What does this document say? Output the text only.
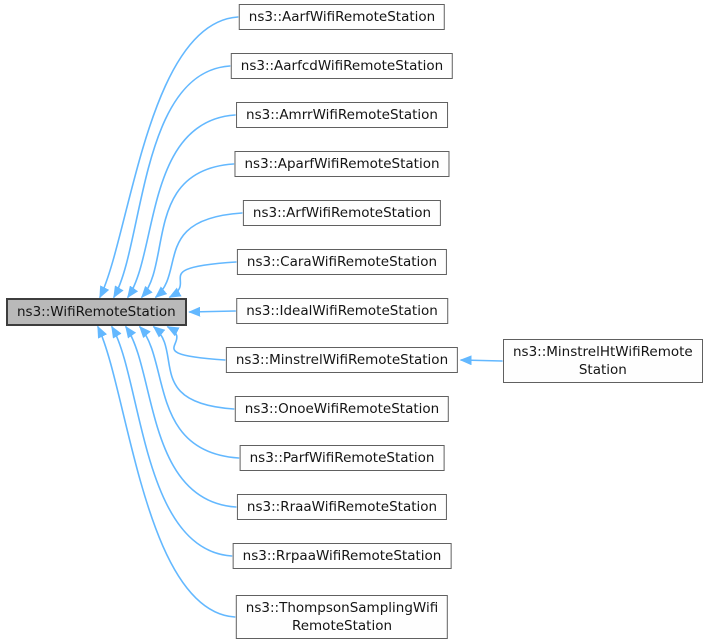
ns3::WifiRemoteStation
ns3::AarfWifiRemoteStation
ns3::AarfcdWifiRemoteStation
ns3::AmrrWifiRemoteStation
ns3::AparfWifiRemoteStation
ns3::ArfWifiRemoteStation
ns3::CaraWifiRemoteStation
ns3::IdealWifiRemoteStation
ns3::MinstrelWifiRemoteStation
ns3::OnoeWifiRemoteStation
ns3::ParfWifiRemoteStation
ns3::RraaWifiRemoteStation
ns3::RrpaaWifiRemoteStation
ns3::ThompsonSamplingWifi
RemoteStation
ns3::MinstrelHtWifiRemote
Station
